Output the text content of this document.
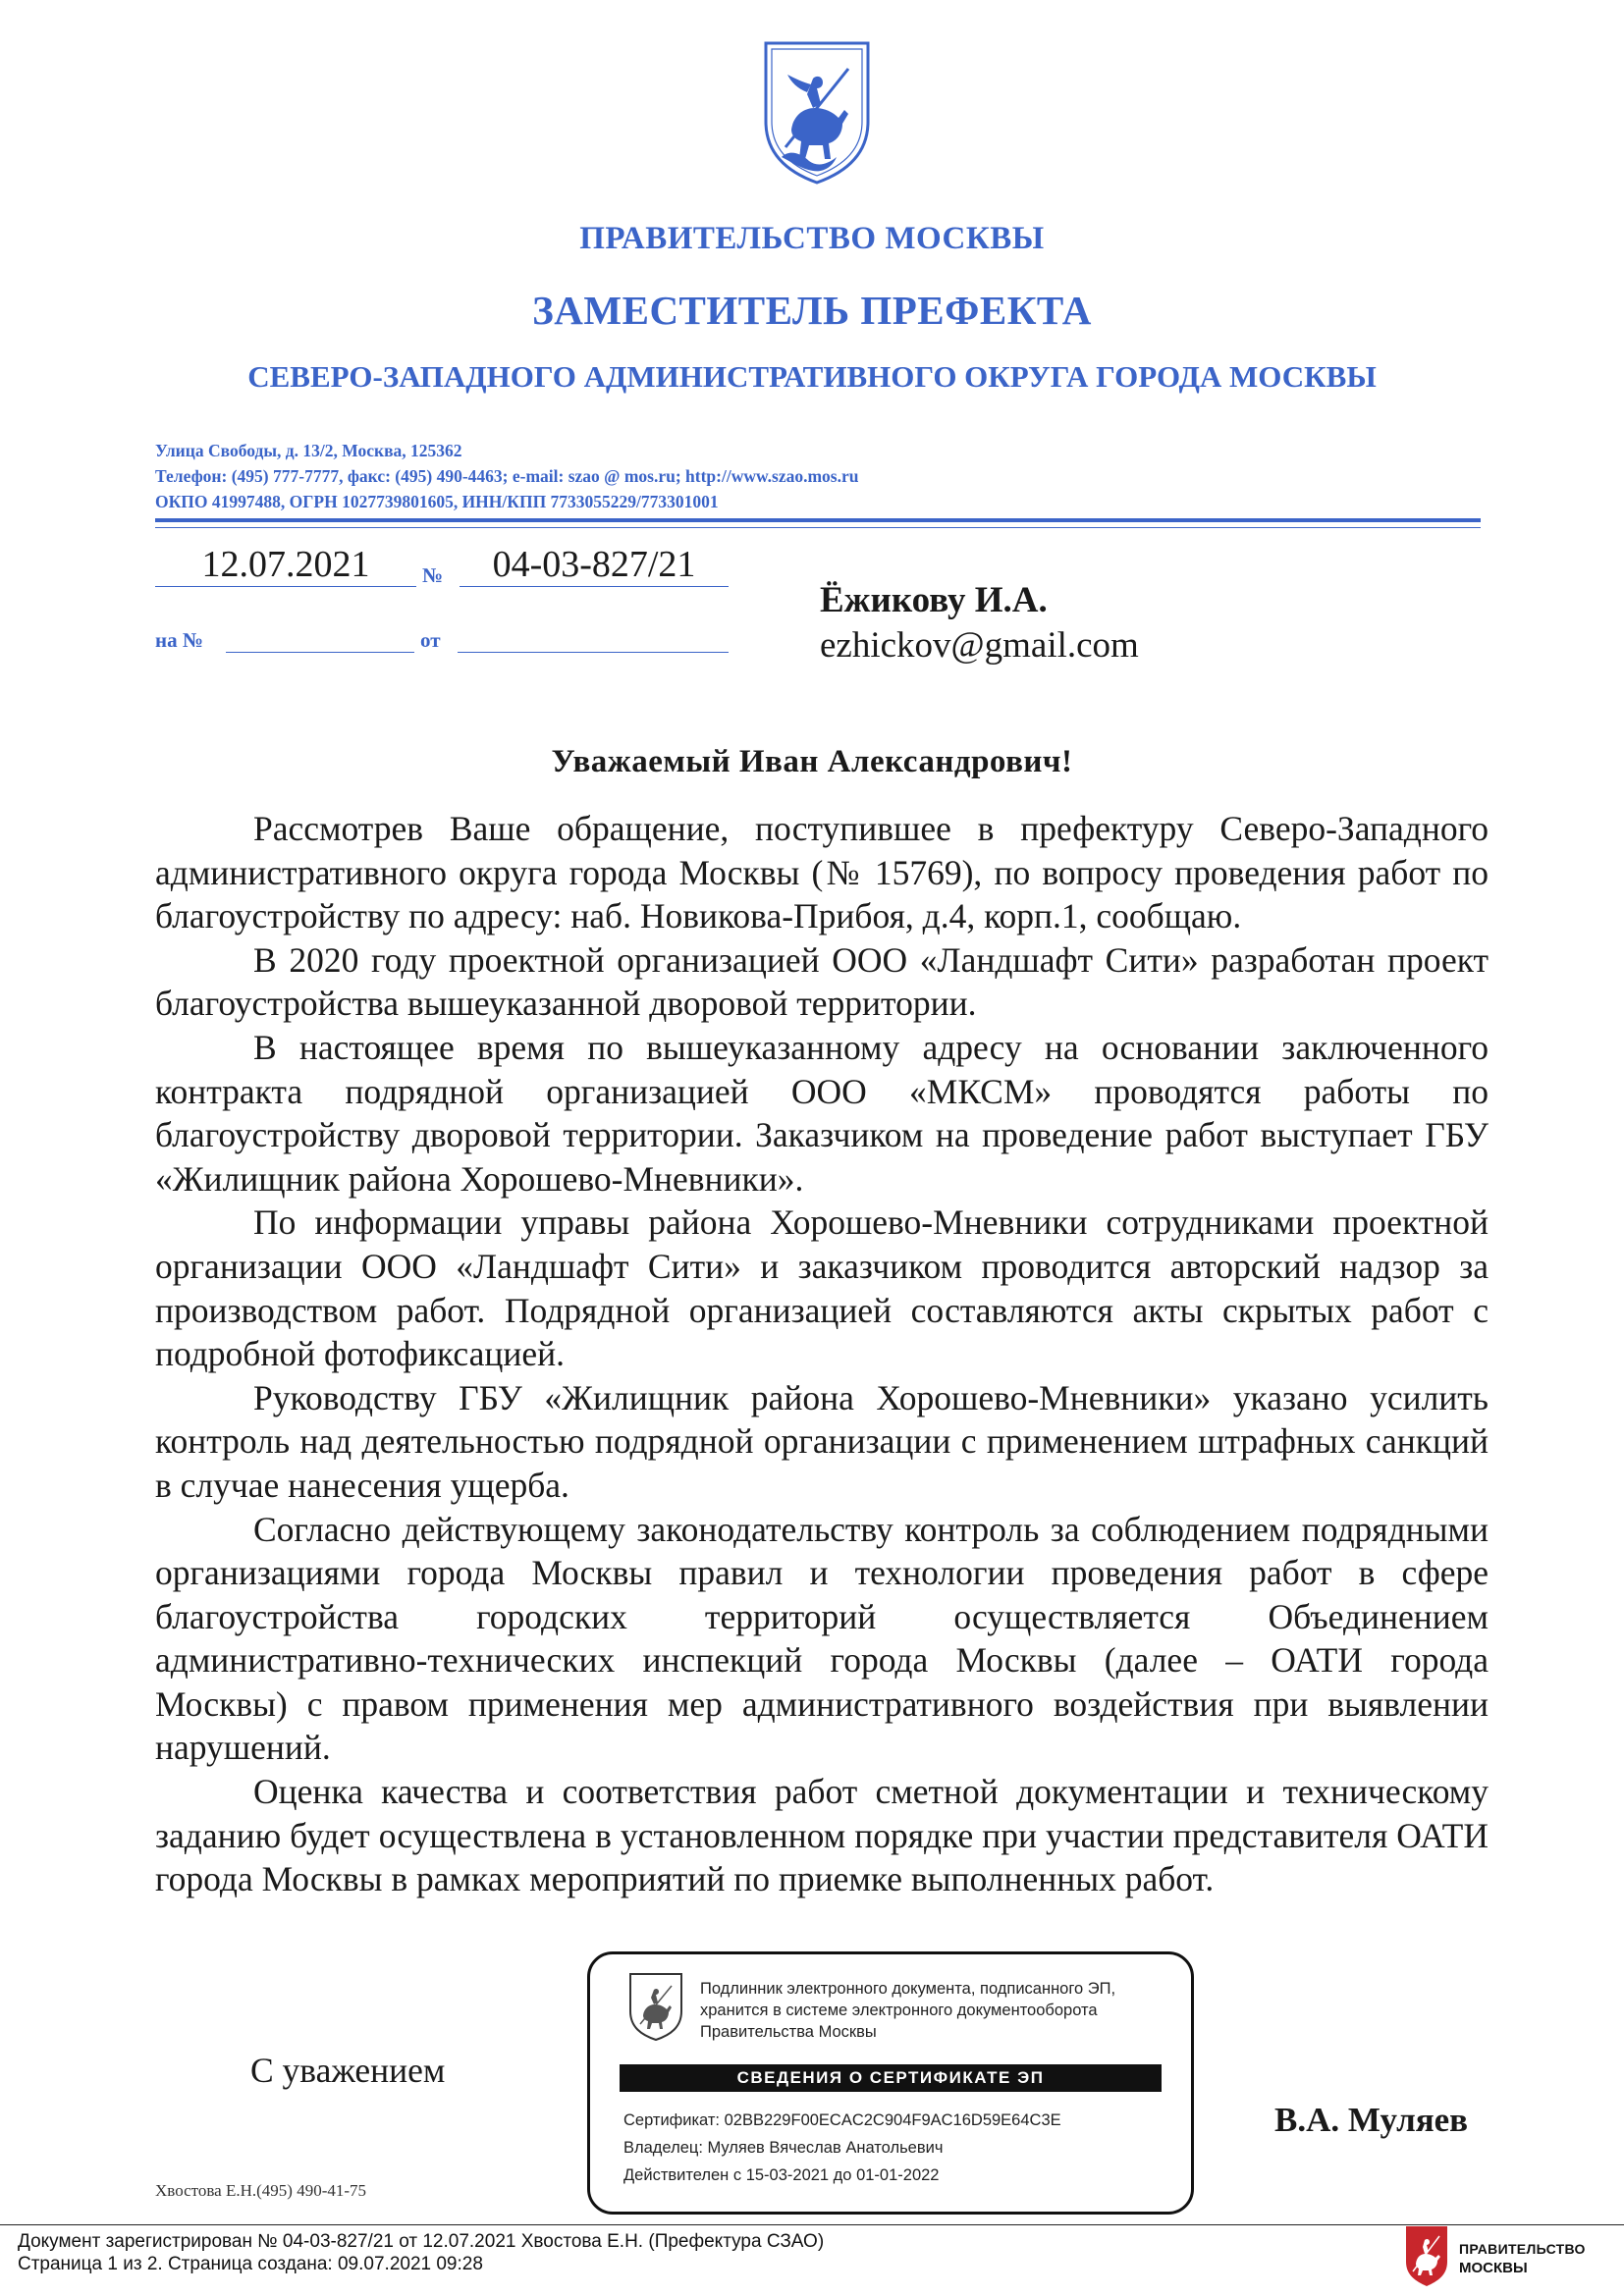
ПРАВИТЕЛЬСТВО МОСКВЫ
ЗАМЕСТИТЕЛЬ ПРЕФЕКТА
СЕВЕРО-ЗАПАДНОГО АДМИНИСТРАТИВНОГО ОКРУГА ГОРОДА МОСКВЫ
Улица Свободы, д. 13/2, Москва, 125362
Телефон: (495) 777-7777, факс: (495) 490-4463; e-mail: szao @ mos.ru; http://www.szao.mos.ru
ОКПО 41997488, ОГРН 1027739801605, ИНН/КПП 7733055229/773301001
12.07.2021	№	04-03-827/21
на №	от
Ёжикову И.А.
ezhickov@gmail.com
Уважаемый Иван Александрович!

Рассмотрев Ваше обращение, поступившее в префектуру Северо-Западного административного округа города Москвы (№ 15769), по вопросу проведения работ по благоустройству по адресу: наб. Новикова-Прибоя, д.4, корп.1, сообщаю.

В 2020 году проектной организацией ООО «Ландшафт Сити» разработан проект благоустройства вышеуказанной дворовой территории.

В настоящее время по вышеуказанному адресу на основании заключенного контракта подрядной организацией ООО «МКСМ» проводятся работы по благоустройству дворовой территории. Заказчиком на проведение работ выступает ГБУ «Жилищник района Хорошево-Мневники».

По информации управы района Хорошево-Мневники сотрудниками проектной организации ООО «Ландшафт Сити» и заказчиком проводится авторский надзор за производством работ. Подрядной организацией составляются акты скрытых работ с подробной фотофиксацией.

Руководству ГБУ «Жилищник района Хорошево-Мневники» указано усилить контроль над деятельностью подрядной организации с применением штрафных санкций в случае нанесения ущерба.

Согласно действующему законодательству контроль за соблюдением подрядными организациями города Москвы правил и технологии проведения работ в сфере благоустройства городских территорий осуществляется Объединением административно-технических инспекций города Москвы (далее – ОАТИ города Москвы) с правом применения мер административного воздействия при выявлении нарушений.

Оценка качества и соответствия работ сметной документации и техническому заданию будет осуществлена в установленном порядке при участии представителя ОАТИ города Москвы в рамках мероприятий по приемке выполненных работ.

С уважением
В.А. Муляев
Хвостова Е.Н.(495) 490-41-75
Подлинник электронного документа, подписанного ЭП,
хранится в системе электронного документооборота
Правительства Москвы
СВЕДЕНИЯ О СЕРТИФИКАТЕ ЭП
Сертификат: 02BB229F00ECAC2C904F9AC16D59E64C3E
Владелец: Муляев Вячеслав Анатольевич
Действителен с 15-03-2021 до 01-01-2022
Документ зарегистрирован № 04-03-827/21 от 12.07.2021 Хвостова Е.Н. (Префектура СЗАО)
Страница 1 из 2. Страница создана: 09.07.2021 09:28
ПРАВИТЕЛЬСТВО
МОСКВЫ
